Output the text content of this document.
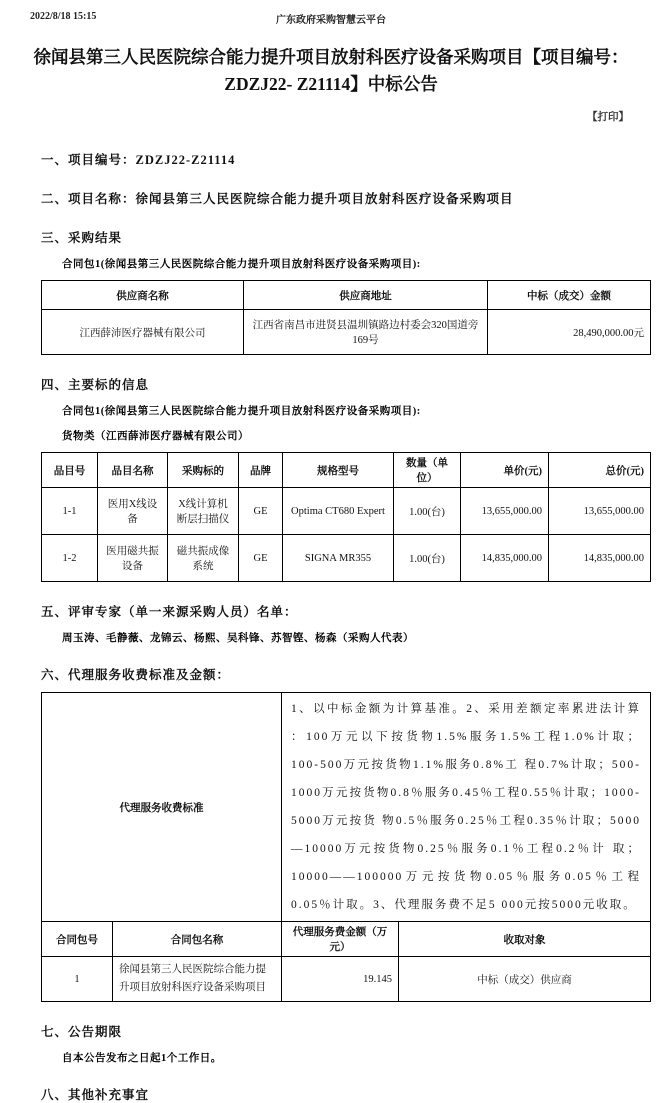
2022/8/18 15:15	广东政府采购智慧云平台
徐闻县第三人民医院综合能力提升项目放射科医疗设备采购项目【项目编号：ZDZJ22- Z21114】中标公告
【打印】
一、项目编号：ZDZJ22-Z21114
二、项目名称：徐闻县第三人民医院综合能力提升项目放射科医疗设备采购项目
三、采购结果
合同包1(徐闻县第三人民医院综合能力提升项目放射科医疗设备采购项目):
供应商名称	供应商地址	中标（成交）金额
江西薛沛医疗器械有限公司	江西省南昌市进贤县温圳镇路边村委会320国道旁169号	28,490,000.00元
四、主要标的信息
合同包1(徐闻县第三人民医院综合能力提升项目放射科医疗设备采购项目):
货物类（江西薛沛医疗器械有限公司）
品目号	品目名称	采购标的	品牌	规格型号	数量（单位）	单价(元)	总价(元)
1-1	医用X线设备	X线计算机断层扫描仪	GE	Optima CT680 Expert	1.00(台)	13,655,000.00	13,655,000.00
1-2	医用磁共振设备	磁共振成像系统	GE	SIGNA MR355	1.00(台)	14,835,000.00	14,835,000.00
五、评审专家（单一来源采购人员）名单：
周玉涛、毛静薇、龙锦云、杨熙、吴科锋、苏智铿、杨森（采购人代表）
六、代理服务收费标准及金额：
代理服务收费标准		1、以中标金额为计算基准。2、采用差额定率累进法计算 ：100万元以下按货物1.5%服务1.5%工程1.0%计取；100-500万元按货物1.1%服务0.8%工 程0.7%计取；500-1000万元按货物0.8％服务0.45％工程0.55％计取；1000-5000万元按货 物0.5％服务0.25％工程0.35％计取；5000—10000万元按货物0.25％服务0.1％工程0.2％计 取；10000——100000万元按货物0.05％服务0.05％工程0.05％计取。3、代理服务费不足5 000元按5000元收取。	
合同包号	合同包名称	代理服务费金额（万元）	收取对象
1	徐闻县第三人民医院综合能力提升项目放射科医疗设备采购项目	19.145	中标（成交）供应商
七、公告期限
自本公告发布之日起1个工作日。
八、其他补充事宜
